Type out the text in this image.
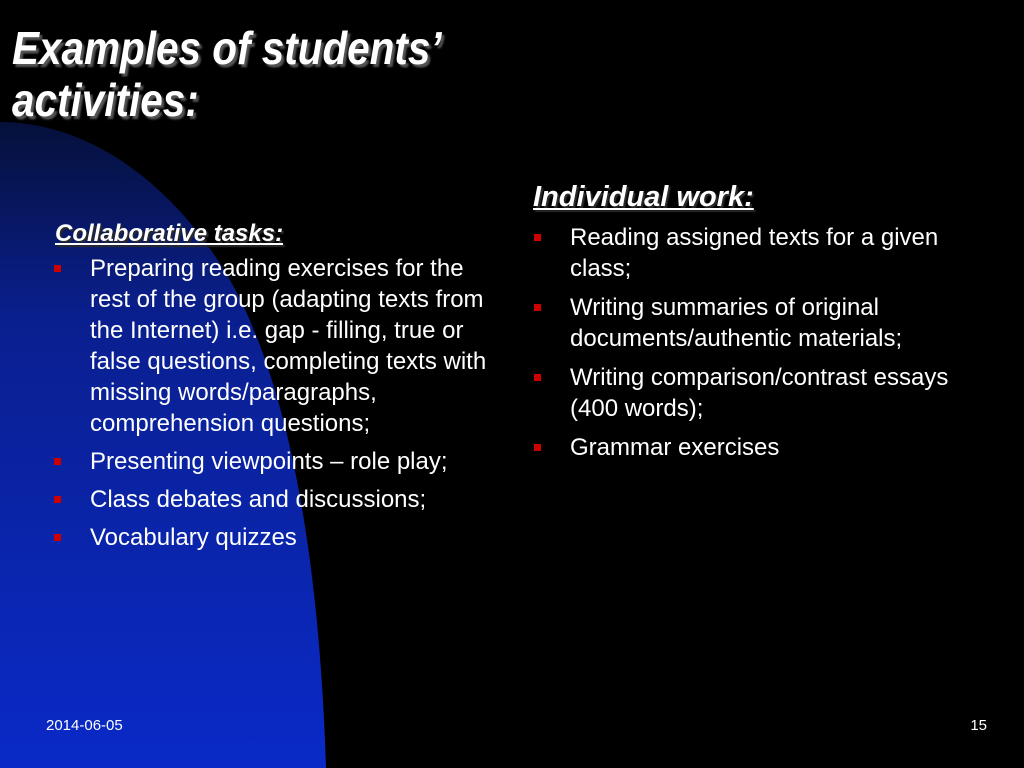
Examples of students’ activities:
Collaborative tasks:
Preparing reading exercises for the rest of the group (adapting texts from the Internet) i.e. gap - filling, true or false questions, completing texts with missing words/paragraphs, comprehension questions;
Presenting viewpoints – role play;
Class debates and discussions;
Vocabulary quizzes
Individual work:
Reading assigned texts for a given class;
Writing summaries of original documents/authentic materials;
Writing comparison/contrast essays (400 words);
Grammar exercises
2014-06-05	15
